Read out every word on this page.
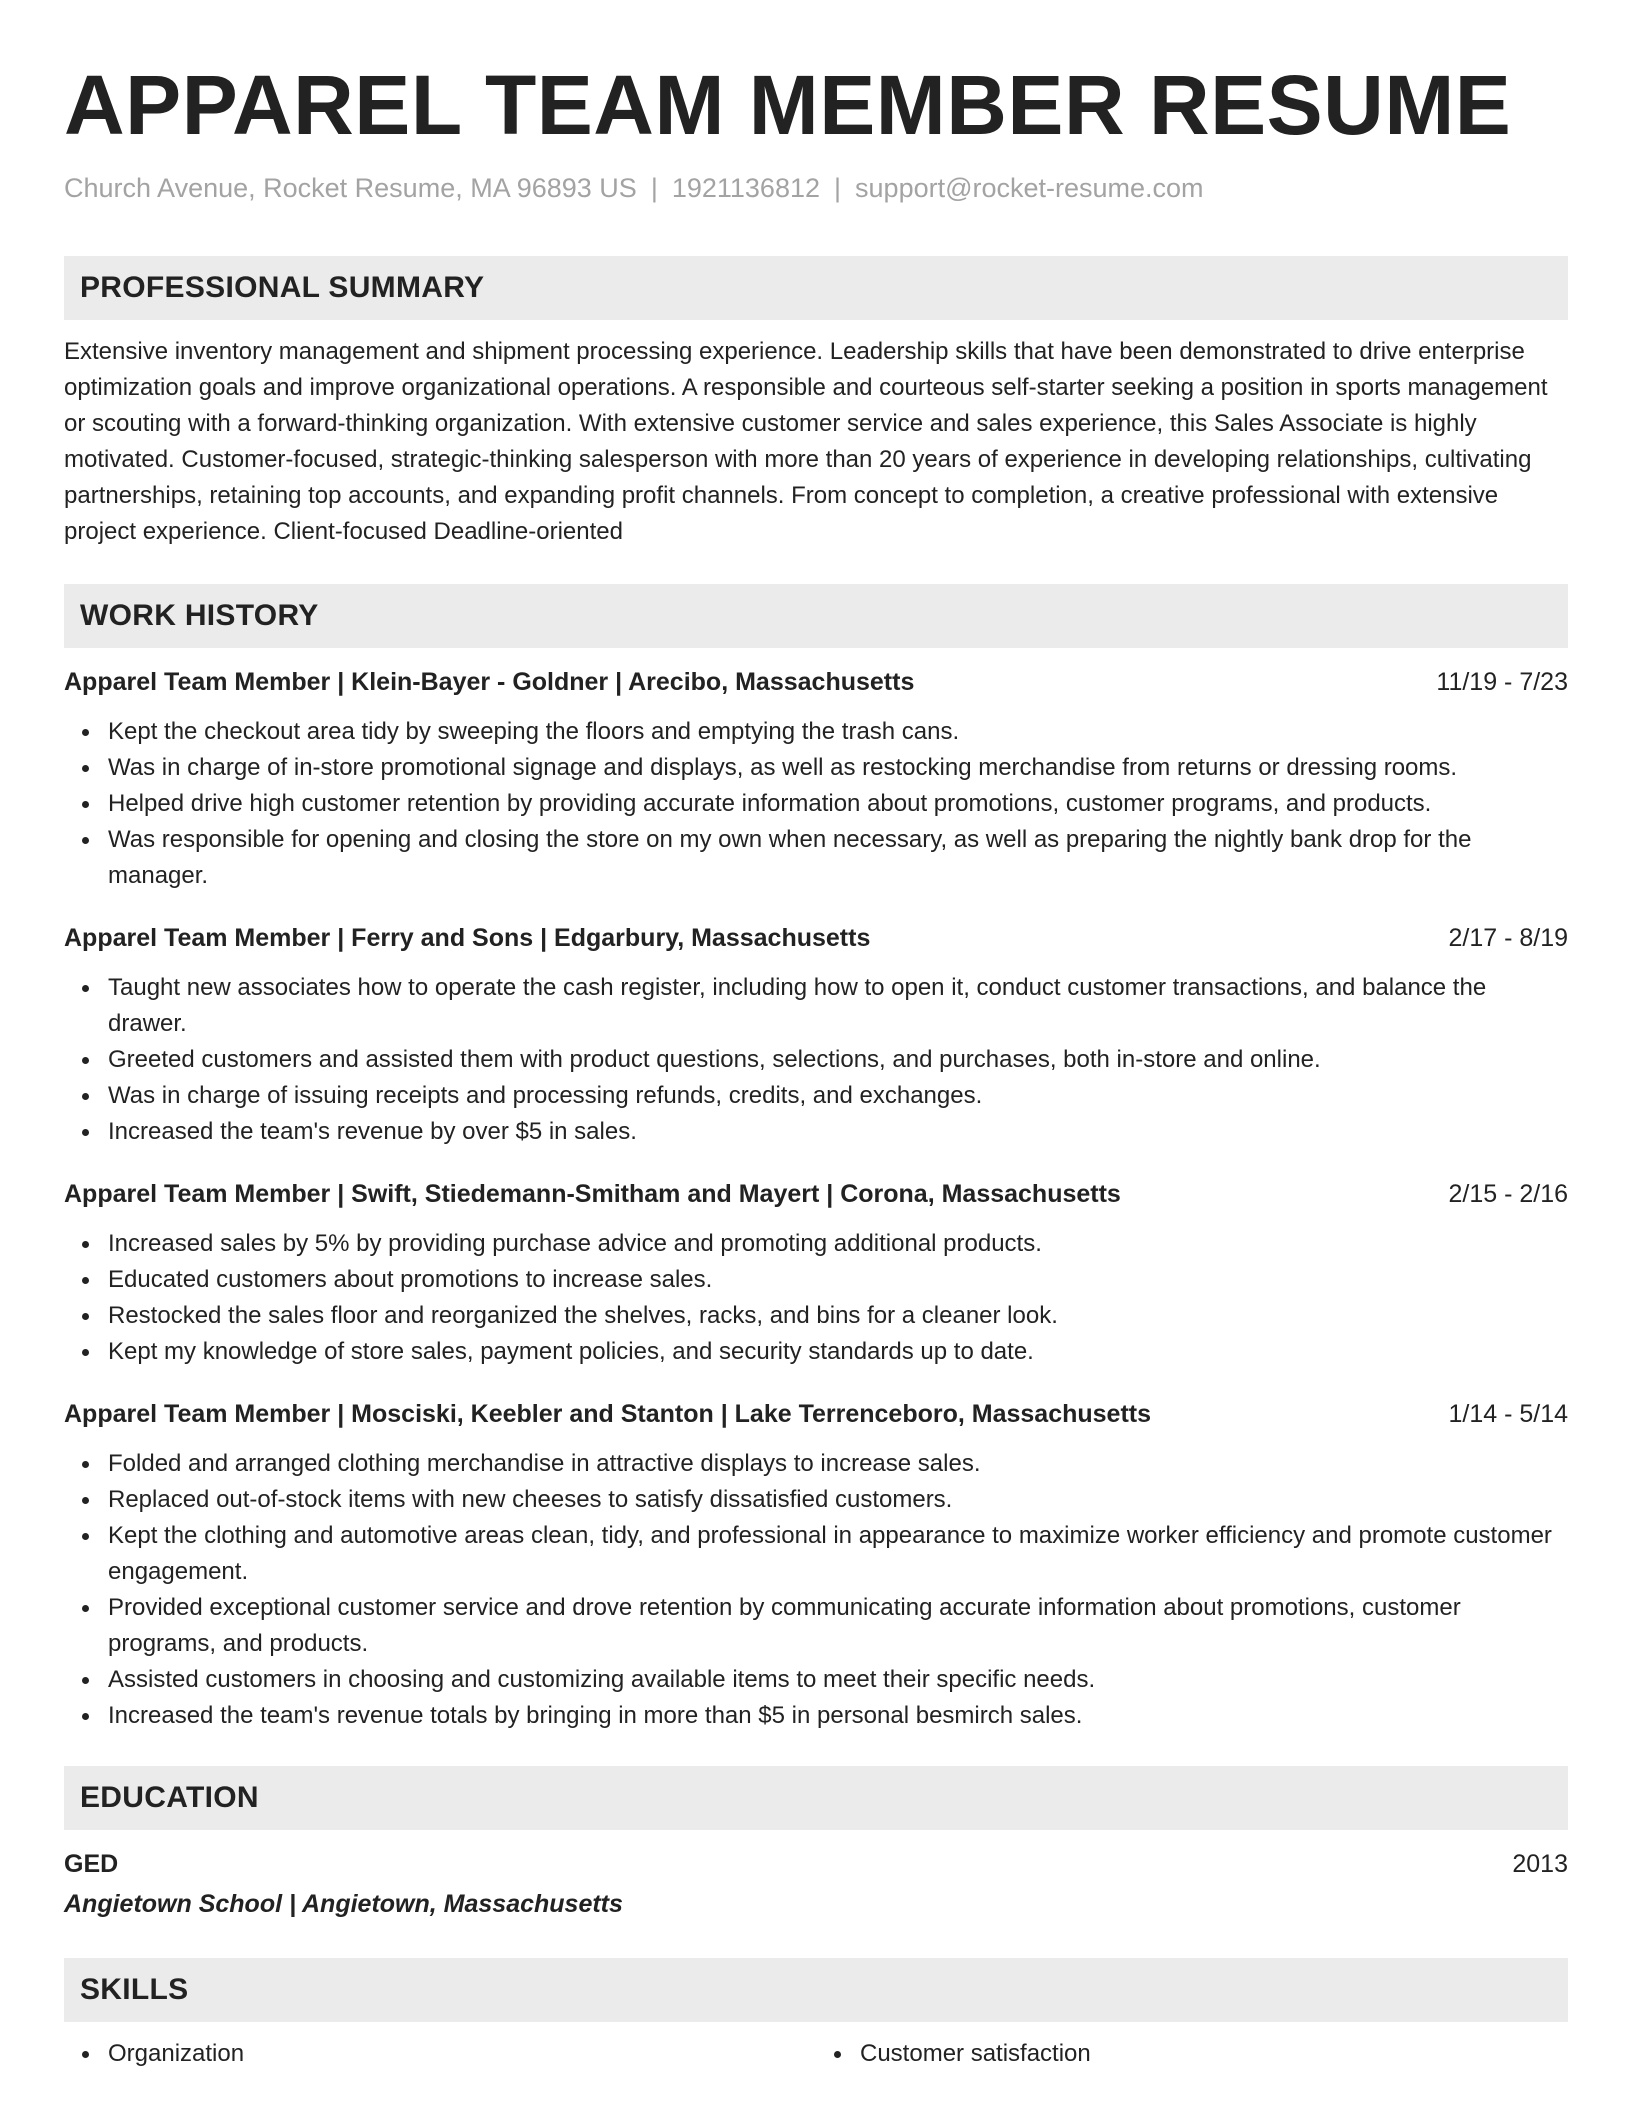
APPAREL TEAM MEMBER RESUME
Church Avenue, Rocket Resume, MA 96893 US | 1921136812 | support@rocket-resume.com
PROFESSIONAL SUMMARY

Extensive inventory management and shipment processing experience. Leadership skills that have been demonstrated to drive enterprise optimization goals and improve organizational operations. A responsible and courteous self-starter seeking a position in sports management or scouting with a forward-thinking organization. With extensive customer service and sales experience, this Sales Associate is highly motivated. Customer-focused, strategic-thinking salesperson with more than 20 years of experience in developing relationships, cultivating partnerships, retaining top accounts, and expanding profit channels. From concept to completion, a creative professional with extensive project experience. Client-focused Deadline-oriented

WORK HISTORY
Apparel Team Member | Klein-Bayer - Goldner | Arecibo, Massachusetts	11/19 - 7/23
Kept the checkout area tidy by sweeping the floors and emptying the trash cans.
Was in charge of in-store promotional signage and displays, as well as restocking merchandise from returns or dressing rooms.
Helped drive high customer retention by providing accurate information about promotions, customer programs, and products.
Was responsible for opening and closing the store on my own when necessary, as well as preparing the nightly bank drop for the manager.
Apparel Team Member | Ferry and Sons | Edgarbury, Massachusetts	2/17 - 8/19
Taught new associates how to operate the cash register, including how to open it, conduct customer transactions, and balance the drawer.
Greeted customers and assisted them with product questions, selections, and purchases, both in-store and online.
Was in charge of issuing receipts and processing refunds, credits, and exchanges.
Increased the team's revenue by over $5 in sales.
Apparel Team Member | Swift, Stiedemann-Smitham and Mayert | Corona, Massachusetts	2/15 - 2/16
Increased sales by 5% by providing purchase advice and promoting additional products.
Educated customers about promotions to increase sales.
Restocked the sales floor and reorganized the shelves, racks, and bins for a cleaner look.
Kept my knowledge of store sales, payment policies, and security standards up to date.
Apparel Team Member | Mosciski, Keebler and Stanton | Lake Terrenceboro, Massachusetts	1/14 - 5/14
Folded and arranged clothing merchandise in attractive displays to increase sales.
Replaced out-of-stock items with new cheeses to satisfy dissatisfied customers.
Kept the clothing and automotive areas clean, tidy, and professional in appearance to maximize worker efficiency and promote customer engagement.
Provided exceptional customer service and drove retention by communicating accurate information about promotions, customer programs, and products.
Assisted customers in choosing and customizing available items to meet their specific needs.
Increased the team's revenue totals by bringing in more than $5 in personal besmirch sales.
EDUCATION
GED	2013
Angietown School | Angietown, Massachusetts
SKILLS
Organization	Customer satisfaction
